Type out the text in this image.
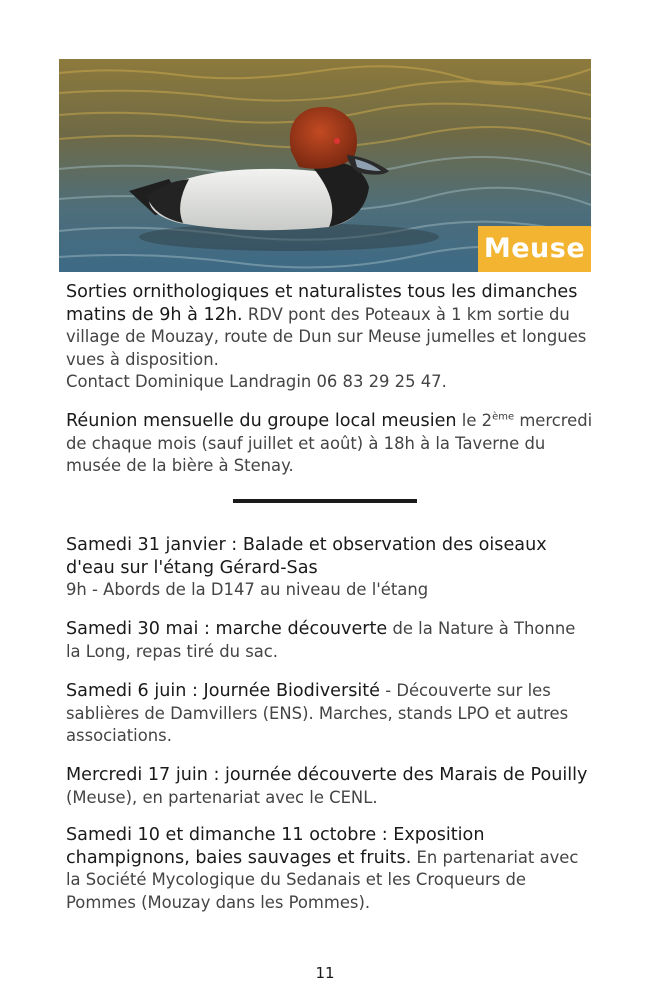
Meuse

Sorties ornithologiques et naturalistes tous les dimanches matins de 9h à 12h. RDV pont des Poteaux à 1 km sortie du village de Mouzay, route de Dun sur Meuse jumelles et longues vues à disposition.

Contact Dominique Landragin 06 83 29 25 47.

Réunion mensuelle du groupe local meusien le 2ème mercredi de chaque mois (sauf juillet et août) à 18h à la Taverne du musée de la bière à Stenay.

Samedi 31 janvier : Balade et observation des oiseaux d'eau sur l'étang Gérard-Sas
9h - Abords de la D147 au niveau de l'étang
Samedi 30 mai : marche découverte de la Nature à Thonne la Long, repas tiré du sac.
Samedi 6 juin : Journée Biodiversité - Découverte sur les sablières de Damvillers (ENS). Marches, stands LPO et autres associations.
Mercredi 17 juin : journée découverte des Marais de Pouilly (Meuse), en partenariat avec le CENL.
Samedi 10 et dimanche 11 octobre : Exposition champignons, baies sauvages et fruits. En partenariat avec la Société Mycologique du Sedanais et les Croqueurs de Pommes (Mouzay dans les Pommes).
11
